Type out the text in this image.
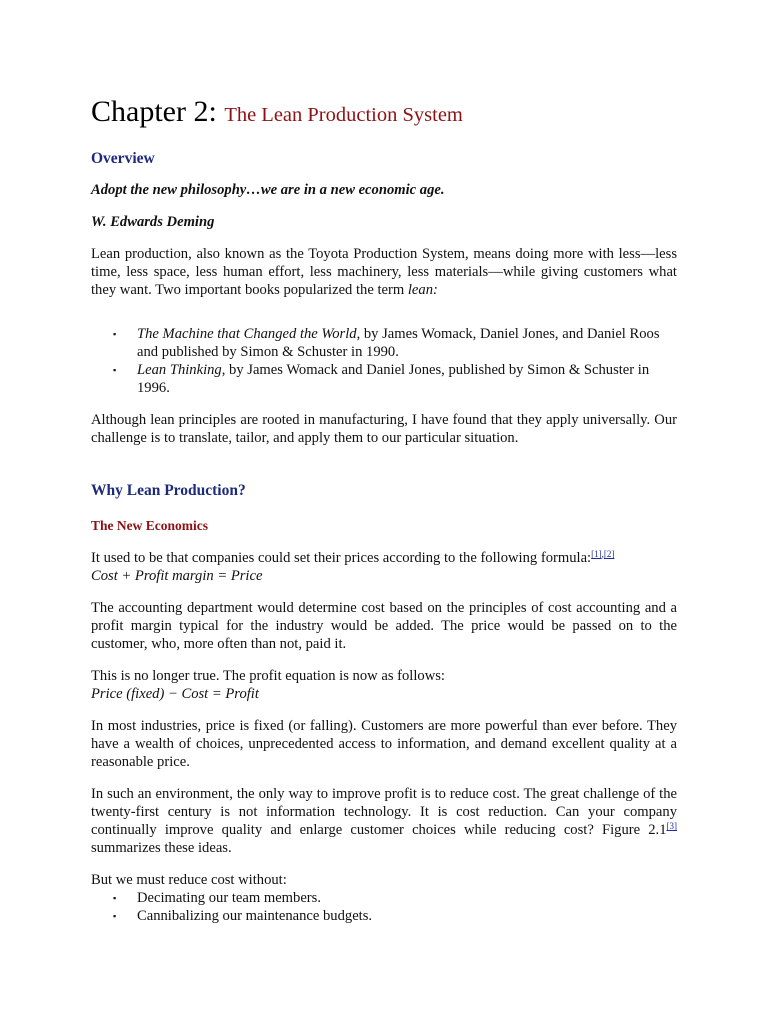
Chapter 2: The Lean Production System
Overview
Adopt the new philosophy…we are in a new economic age.
W. Edwards Deming

Lean production, also known as the Toyota Production System, means doing more with less—less time, less space, less human effort, less machinery, less materials—while giving customers what they want. Two important books popularized the term lean:

▪ The Machine that Changed the World, by James Womack, Daniel Jones, and Daniel Roos and published by Simon & Schuster in 1990.
▪ Lean Thinking, by James Womack and Daniel Jones, published by Simon & Schuster in 1996.

Although lean principles are rooted in manufacturing, I have found that they apply universally. Our challenge is to translate, tailor, and apply them to our particular situation.

Why Lean Production?
The New Economics

It used to be that companies could set their prices according to the following formula:[1],[2]
Cost + Profit margin = Price

The accounting department would determine cost based on the principles of cost accounting and a profit margin typical for the industry would be added. The price would be passed on to the customer, who, more often than not, paid it.

This is no longer true. The profit equation is now as follows:
Price (fixed) − Cost = Profit

In most industries, price is fixed (or falling). Customers are more powerful than ever before. They have a wealth of choices, unprecedented access to information, and demand excellent quality at a reasonable price.

In such an environment, the only way to improve profit is to reduce cost. The great challenge of the twenty-first century is not information technology. It is cost reduction. Can your company continually improve quality and enlarge customer choices while reducing cost? Figure 2.1[3] summarizes these ideas.

But we must reduce cost without:

▪ Decimating our team members.
▪ Cannibalizing our maintenance budgets.
